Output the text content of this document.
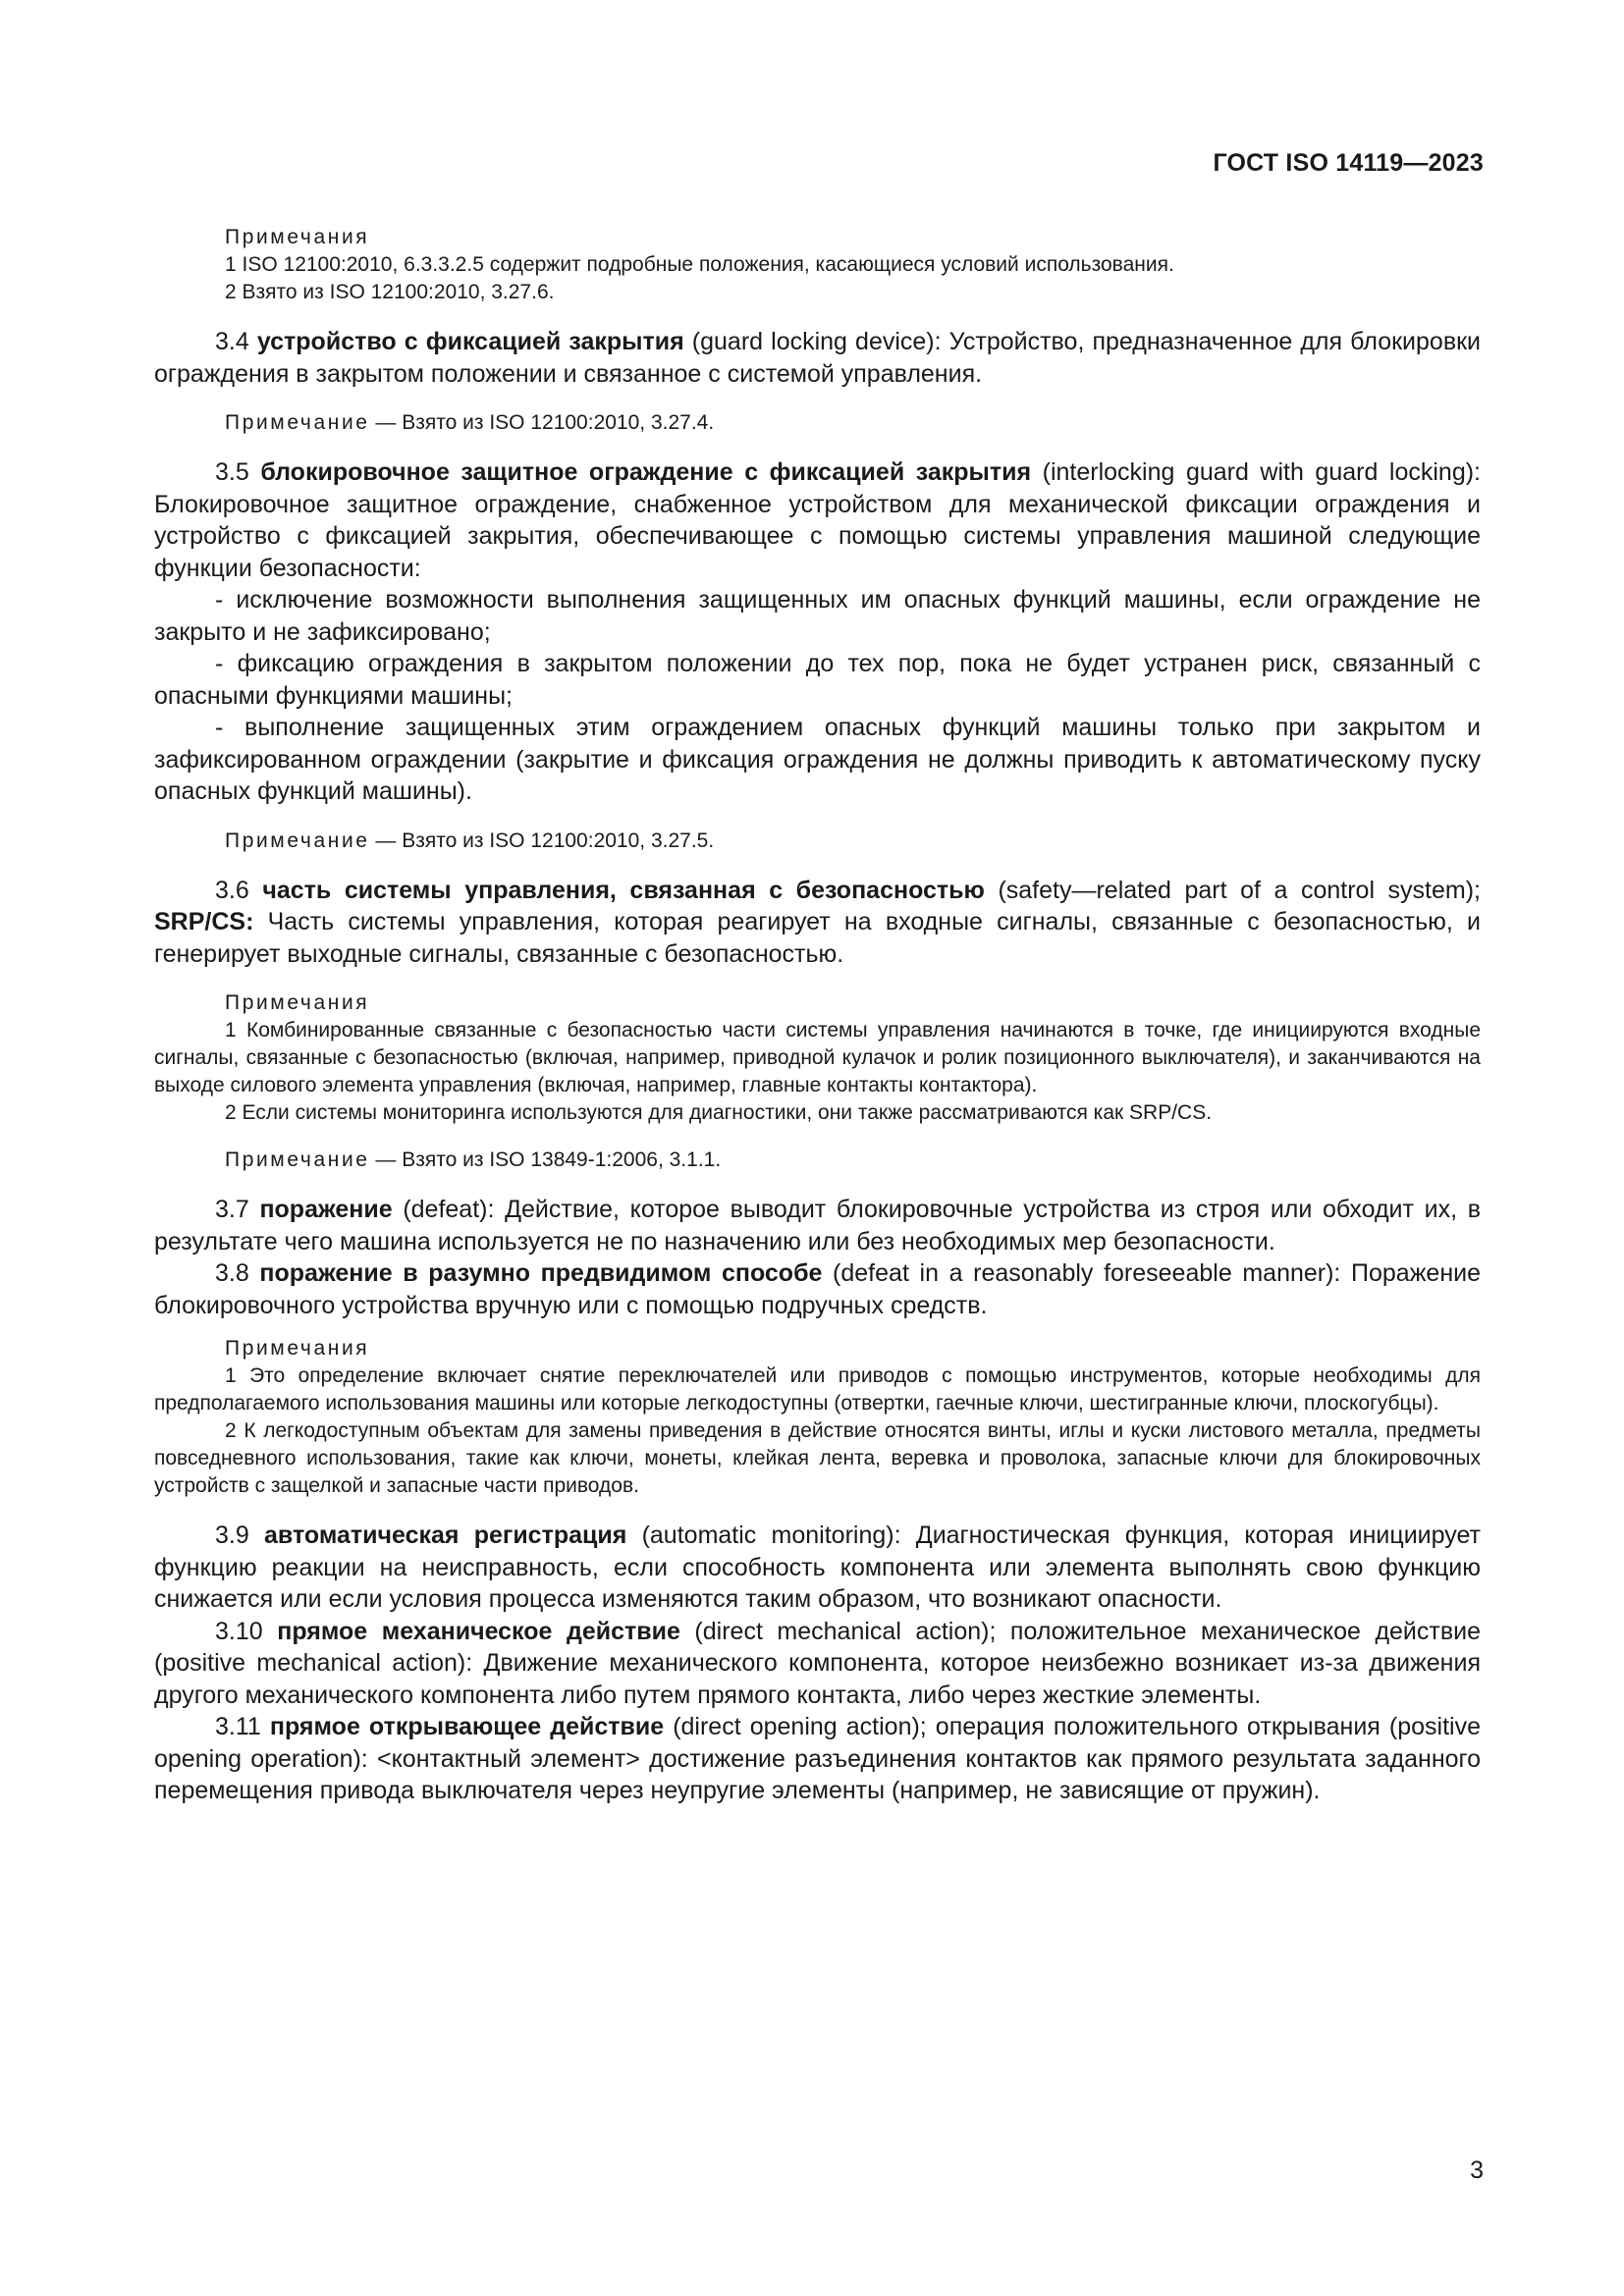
ГОСТ ISO 14119—2023

Примечания

1 ISO 12100:2010, 6.3.3.2.5 содержит подробные положения, касающиеся условий использования.

2 Взято из ISO 12100:2010, 3.27.6.

3.4 устройство с фиксацией закрытия (guard locking device): Устройство, предназначенное для блокировки ограждения в закрытом положении и связанное с системой управления.

Примечание — Взято из ISO 12100:2010, 3.27.4.

3.5 блокировочное защитное ограждение с фиксацией закрытия (interlocking guard with guard locking): Блокировочное защитное ограждение, снабженное устройством для механической фиксации ограждения и устройство с фиксацией закрытия, обеспечивающее с помощью системы управления машиной следующие функции безопасности:

- исключение возможности выполнения защищенных им опасных функций машины, если ограждение не закрыто и не зафиксировано;

- фиксацию ограждения в закрытом положении до тех пор, пока не будет устранен риск, связанный с опасными функциями машины;

- выполнение защищенных этим ограждением опасных функций машины только при закрытом и зафиксированном ограждении (закрытие и фиксация ограждения не должны приводить к автоматическому пуску опасных функций машины).

Примечание — Взято из ISO 12100:2010, 3.27.5.

3.6 часть системы управления, связанная с безопасностью (safety—related part of a control system); SRP/CS: Часть системы управления, которая реагирует на входные сигналы, связанные с безопасностью, и генерирует выходные сигналы, связанные с безопасностью.

Примечания

1 Комбинированные связанные с безопасностью части системы управления начинаются в точке, где инициируются входные сигналы, связанные с безопасностью (включая, например, приводной кулачок и ролик позиционного выключателя), и заканчиваются на выходе силового элемента управления (включая, например, главные контакты контактора).

2 Если системы мониторинга используются для диагностики, они также рассматриваются как SRP/CS.

Примечание — Взято из ISO 13849-1:2006, 3.1.1.

3.7 поражение (defeat): Действие, которое выводит блокировочные устройства из строя или обходит их, в результате чего машина используется не по назначению или без необходимых мер безопасности.

3.8 поражение в разумно предвидимом способе (defeat in a reasonably foreseeable manner): Поражение блокировочного устройства вручную или с помощью подручных средств.

Примечания

1 Это определение включает снятие переключателей или приводов с помощью инструментов, которые необходимы для предполагаемого использования машины или которые легкодоступны (отвертки, гаечные ключи, шестигранные ключи, плоскогубцы).

2 К легкодоступным объектам для замены приведения в действие относятся винты, иглы и куски листового металла, предметы повседневного использования, такие как ключи, монеты, клейкая лента, веревка и проволока, запасные ключи для блокировочных устройств с защелкой и запасные части приводов.

3.9 автоматическая регистрация (automatic monitoring): Диагностическая функция, которая инициирует функцию реакции на неисправность, если способность компонента или элемента выполнять свою функцию снижается или если условия процесса изменяются таким образом, что возникают опасности.

3.10 прямое механическое действие (direct mechanical action); положительное механическое действие (positive mechanical action): Движение механического компонента, которое неизбежно возникает из-за движения другого механического компонента либо путем прямого контакта, либо через жесткие элементы.

3.11 прямое открывающее действие (direct opening action); операция положительного открывания (positive opening operation): <контактный элемент> достижение разъединения контактов как прямого результата заданного перемещения привода выключателя через неупругие элементы (например, не зависящие от пружин).

3
